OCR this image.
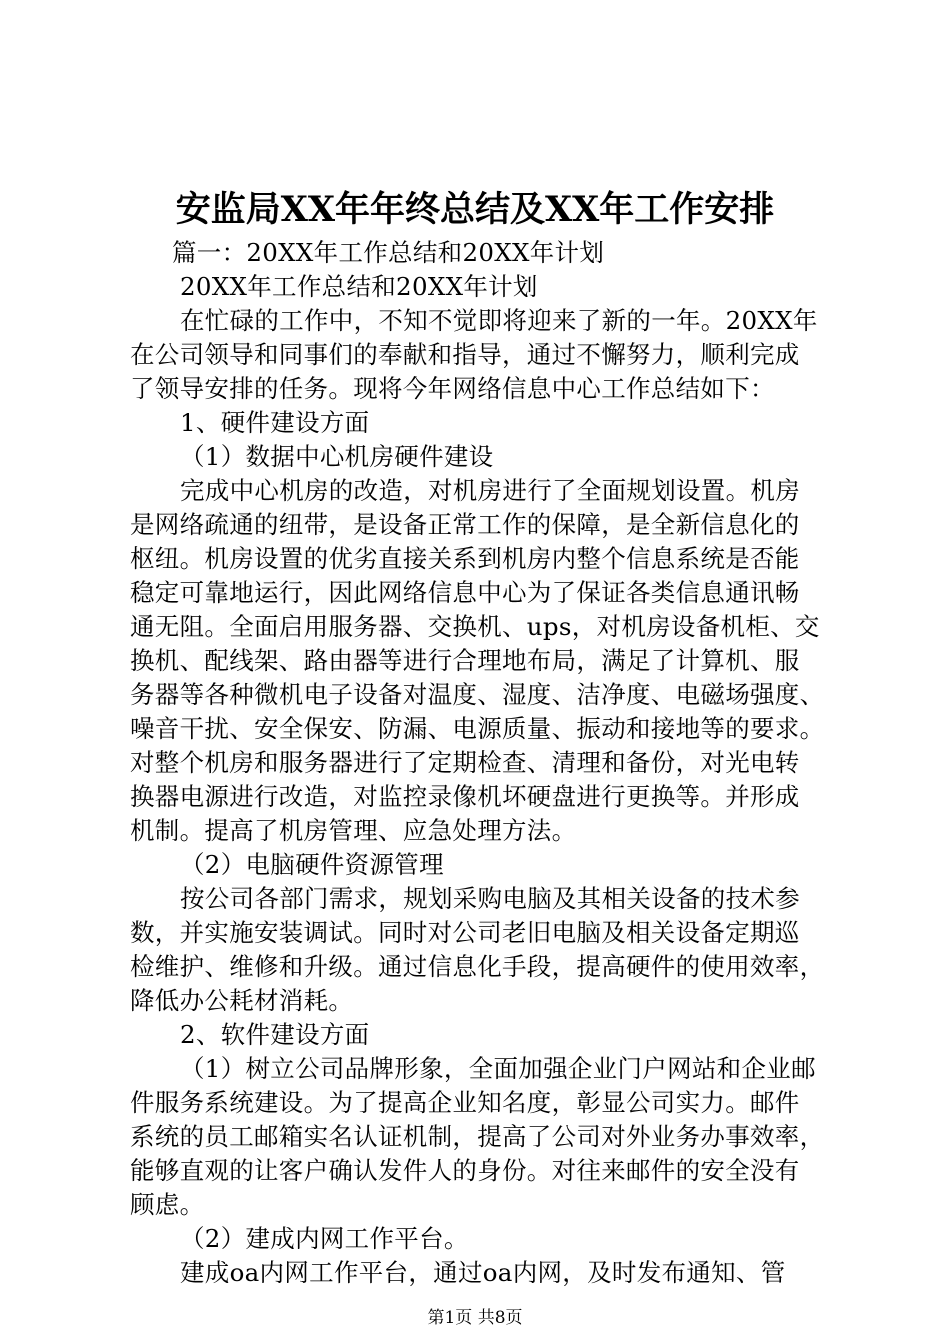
安监局XX年年终总结及XX年工作安排
篇一：20XX年工作总结和20XX年计划
20XX年工作总结和20XX年计划
在忙碌的工作中，不知不觉即将迎来了新的一年。20XX年
在公司领导和同事们的奉献和指导，通过不懈努力，顺利完成
了领导安排的任务。现将今年网络信息中心工作总结如下：
1、硬件建设方面
（1）数据中心机房硬件建设
完成中心机房的改造，对机房进行了全面规划设置。机房
是网络疏通的纽带，是设备正常工作的保障，是全新信息化的
枢纽。机房设置的优劣直接关系到机房内整个信息系统是否能
稳定可靠地运行，因此网络信息中心为了保证各类信息通讯畅
通无阻。全面启用服务器、交换机、ups，对机房设备机柜、交
换机、配线架、路由器等进行合理地布局，满足了计算机、服
务器等各种微机电子设备对温度、湿度、洁净度、电磁场强度、
噪音干扰、安全保安、防漏、电源质量、振动和接地等的要求。
对整个机房和服务器进行了定期检查、清理和备份，对光电转
换器电源进行改造，对监控录像机坏硬盘进行更换等。并形成
机制。提高了机房管理、应急处理方法。
（2）电脑硬件资源管理
按公司各部门需求，规划采购电脑及其相关设备的技术参
数，并实施安装调试。同时对公司老旧电脑及相关设备定期巡
检维护、维修和升级。通过信息化手段，提高硬件的使用效率，
降低办公耗材消耗。
2、软件建设方面
（1）树立公司品牌形象，全面加强企业门户网站和企业邮
件服务系统建设。为了提高企业知名度，彰显公司实力。邮件
系统的员工邮箱实名认证机制，提高了公司对外业务办事效率，
能够直观的让客户确认发件人的身份。对往来邮件的安全没有
顾虑。
第1页 共8页
（2）建成内网工作平台。
建成oa内网工作平台，通过oa内网，及时发布通知、管
